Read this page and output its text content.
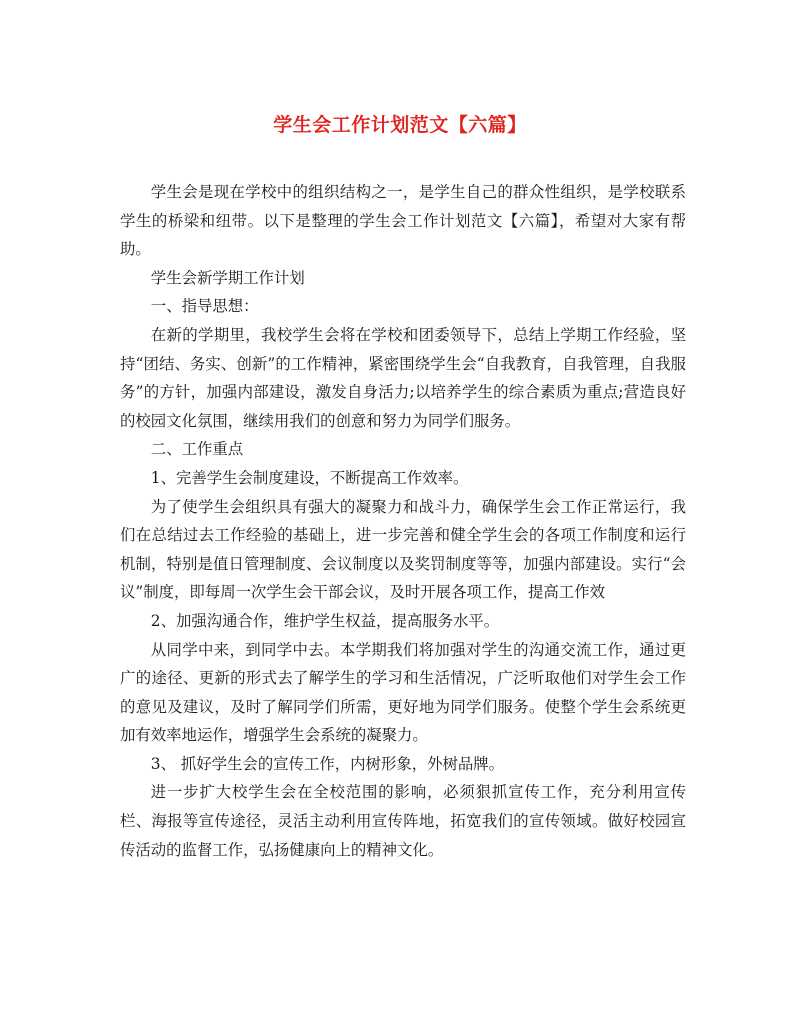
学生会工作计划范文【六篇】

学生会是现在学校中的组织结构之一，是学生自己的群众性组织，是学校联系学生的桥梁和纽带。以下是整理的学生会工作计划范文【六篇】，希望对大家有帮助。

学生会新学期工作计划

一、指导思想：

在新的学期里，我校学生会将在学校和团委领导下，总结上学期工作经验，坚持“团结、务实、创新”的工作精神，紧密围绕学生会“自我教育，自我管理，自我服务”的方针，加强内部建设，激发自身活力;以培养学生的综合素质为重点;营造良好的校园文化氛围，继续用我们的创意和努力为同学们服务。

二、工作重点

1、完善学生会制度建设，不断提高工作效率。

为了使学生会组织具有强大的凝聚力和战斗力，确保学生会工作正常运行，我们在总结过去工作经验的基础上，进一步完善和健全学生会的各项工作制度和运行机制，特别是值日管理制度、会议制度以及奖罚制度等等，加强内部建设。实行“会议”制度，即每周一次学生会干部会议，及时开展各项工作，提高工作效

2、加强沟通合作，维护学生权益，提高服务水平。

从同学中来，到同学中去。本学期我们将加强对学生的沟通交流工作，通过更广的途径、更新的形式去了解学生的学习和生活情况，广泛听取他们对学生会工作的意见及建议，及时了解同学们所需，更好地为同学们服务。使整个学生会系统更加有效率地运作，增强学生会系统的凝聚力。

3、 抓好学生会的宣传工作，内树形象，外树品牌。

进一步扩大校学生会在全校范围的影响，必须狠抓宣传工作，充分利用宣传栏、海报等宣传途径，灵活主动利用宣传阵地，拓宽我们的宣传领域。做好校园宣传活动的监督工作，弘扬健康向上的精神文化。
